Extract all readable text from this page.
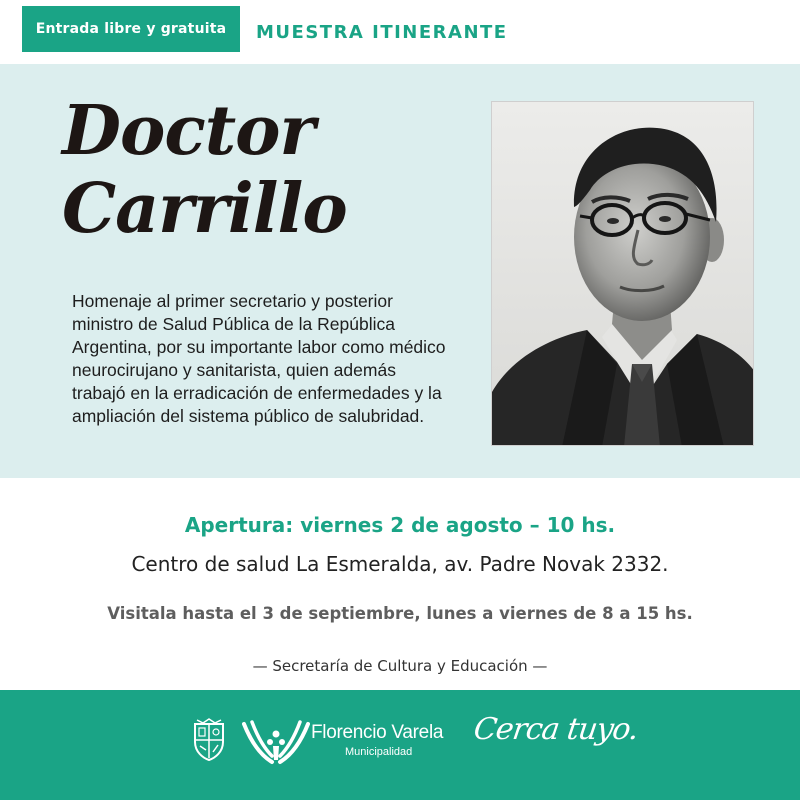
Entrada libre y gratuita	MUESTRA ITINERANTE
Doctor
Carrillo

Homenaje al primer secretario y posterior ministro de Salud Pública de la República Argentina, por su importante labor como médico neurocirujano y sanitarista, quien además trabajó en la erradicación de enfermedades y la ampliación del sistema público de salubridad.

Apertura: viernes 2 de agosto – 10 hs.
Centro de salud La Esmeralda, av. Padre Novak 2332.
Visitala hasta el 3 de septiembre, lunes a viernes de 8 a 15 hs.
— Secretaría de Cultura y Educación —
Florencio Varela
Municipalidad
Cerca tuyo.
